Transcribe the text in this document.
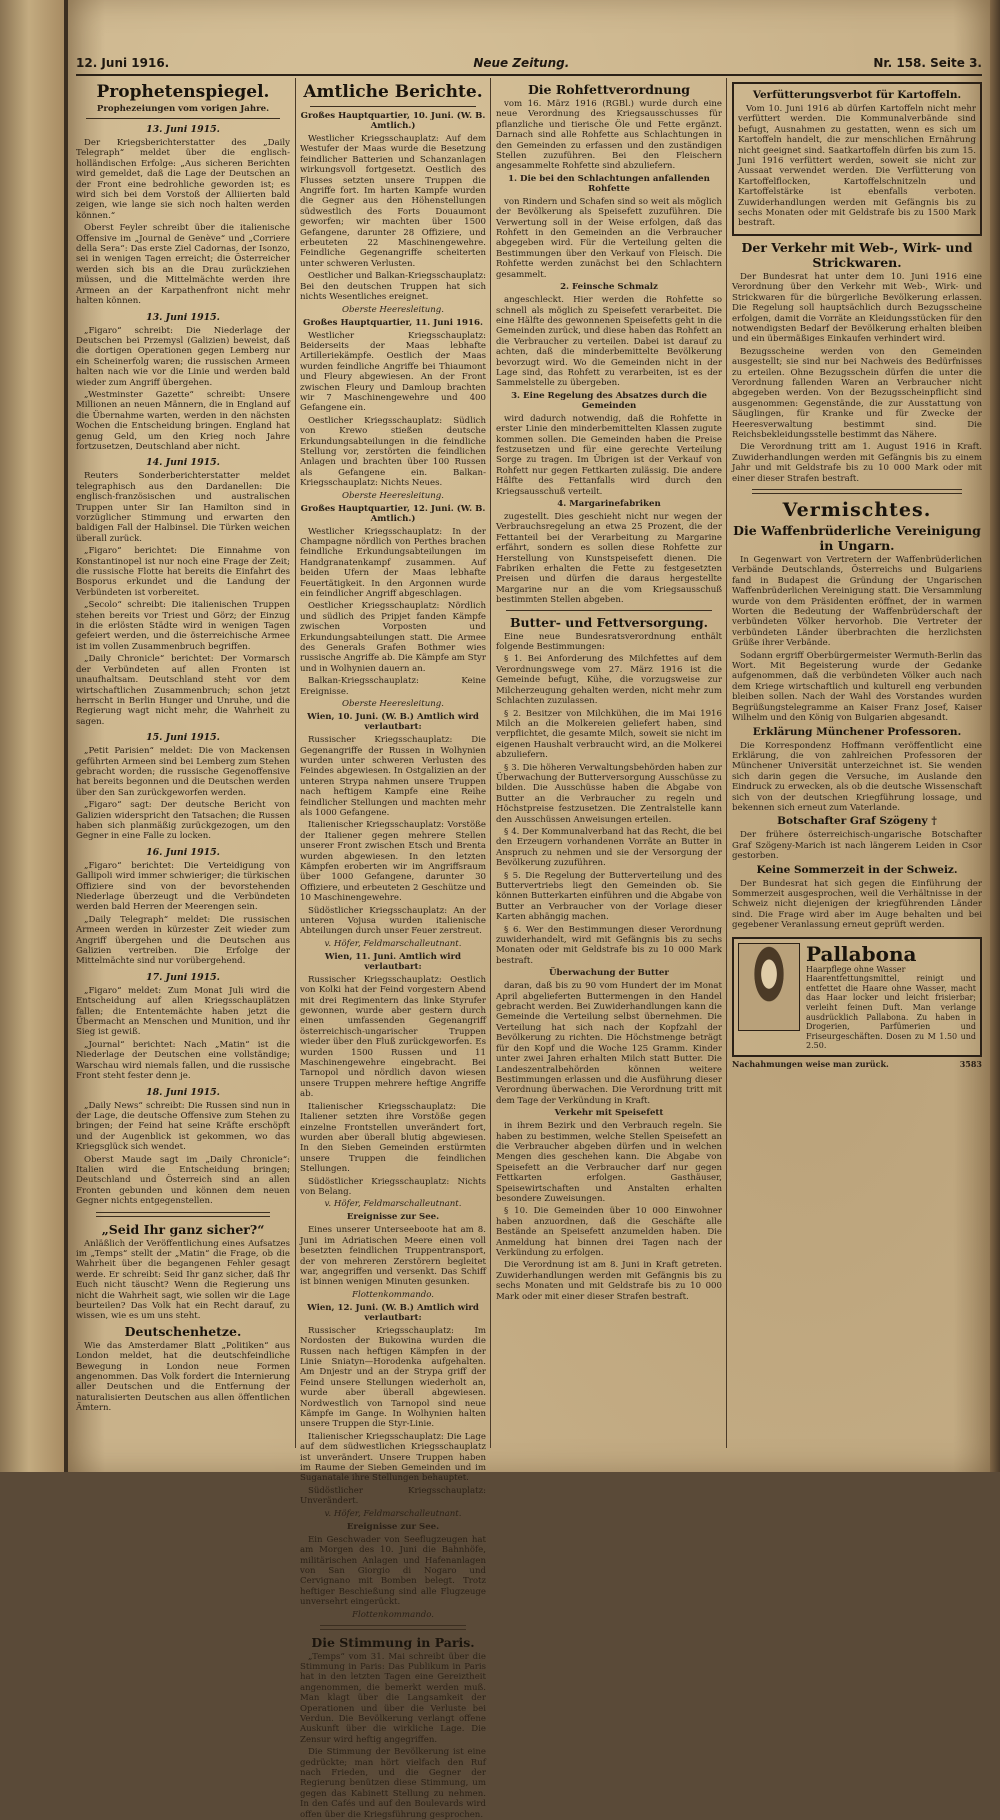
12. Juni 1916.	Neue Zeitung.	Nr. 158. Seite 3.
Prophetenspiegel.
Prophezeiungen vom vorigen Jahre.
13. Juni 1915.

Der Kriegsberichterstatter des „Daily Telegraph“ meldet über die englisch-holländischen Erfolge: „Aus sicheren Berichten wird gemeldet, daß die Lage der Deutschen an der Front eine bedrohliche geworden ist; es wird sich bei dem Vorstoß der Alliierten bald zeigen, wie lange sie sich noch halten werden können.“

Oberst Feyler schreibt über die italienische Offensive im „Journal de Genève“ und „Corriere della Sera“: Das erste Ziel Cadornas, der Isonzo, sei in wenigen Tagen erreicht; die Österreicher werden sich bis an die Drau zurückziehen müssen, und die Mittelmächte werden ihre Armeen an der Karpathenfront nicht mehr halten können.

13. Juni 1915.

„Figaro“ schreibt: Die Niederlage der Deutschen bei Przemysl (Galizien) beweist, daß die dortigen Operationen gegen Lemberg nur ein Scheinerfolg waren; die russischen Armeen halten nach wie vor die Linie und werden bald wieder zum Angriff übergehen.

„Westminster Gazette“ schreibt: Unsere Millionen an neuen Männern, die in England auf die Übernahme warten, werden in den nächsten Wochen die Entscheidung bringen. England hat genug Geld, um den Krieg noch Jahre fortzusetzen, Deutschland aber nicht.

14. Juni 1915.

Reuters Sonderberichterstatter meldet telegraphisch aus den Dardanellen: Die englisch-französischen und australischen Truppen unter Sir Ian Hamilton sind in vorzüglicher Stimmung und erwarten den baldigen Fall der Halbinsel. Die Türken weichen überall zurück.

„Figaro“ berichtet: Die Einnahme von Konstantinopel ist nur noch eine Frage der Zeit; die russische Flotte hat bereits die Einfahrt des Bosporus erkundet und die Landung der Verbündeten ist vorbereitet.

„Secolo“ schreibt: Die italienischen Truppen stehen bereits vor Triest und Görz; der Einzug in die erlösten Städte wird in wenigen Tagen gefeiert werden, und die österreichische Armee ist im vollen Zusammenbruch begriffen.

„Daily Chronicle“ berichtet: Der Vormarsch der Verbündeten auf allen Fronten ist unaufhaltsam. Deutschland steht vor dem wirtschaftlichen Zusammenbruch; schon jetzt herrscht in Berlin Hunger und Unruhe, und die Regierung wagt nicht mehr, die Wahrheit zu sagen.

15. Juni 1915.

„Petit Parisien“ meldet: Die von Mackensen geführten Armeen sind bei Lemberg zum Stehen gebracht worden; die russische Gegenoffensive hat bereits begonnen und die Deutschen werden über den San zurückgeworfen werden.

„Figaro“ sagt: Der deutsche Bericht von Galizien widerspricht den Tatsachen; die Russen haben sich planmäßig zurückgezogen, um den Gegner in eine Falle zu locken.

16. Juni 1915.

„Figaro“ berichtet: Die Verteidigung von Gallipoli wird immer schwieriger; die türkischen Offiziere sind von der bevorstehenden Niederlage überzeugt und die Verbündeten werden bald Herren der Meerengen sein.

„Daily Telegraph“ meldet: Die russischen Armeen werden in kürzester Zeit wieder zum Angriff übergehen und die Deutschen aus Galizien vertreiben. Die Erfolge der Mittelmächte sind nur vorübergehend.

17. Juni 1915.

„Figaro“ meldet: Zum Monat Juli wird die Entscheidung auf allen Kriegsschauplätzen fallen; die Ententemächte haben jetzt die Übermacht an Menschen und Munition, und ihr Sieg ist gewiß.

„Journal“ berichtet: Nach „Matin“ ist die Niederlage der Deutschen eine vollständige; Warschau wird niemals fallen, und die russische Front steht fester denn je.

18. Juni 1915.

„Daily News“ schreibt: Die Russen sind nun in der Lage, die deutsche Offensive zum Stehen zu bringen; der Feind hat seine Kräfte erschöpft und der Augenblick ist gekommen, wo das Kriegsglück sich wendet.

Oberst Maude sagt im „Daily Chronicle“: Italien wird die Entscheidung bringen; Deutschland und Österreich sind an allen Fronten gebunden und können dem neuen Gegner nichts entgegenstellen.

„Seid Ihr ganz sicher?“

Anläßlich der Veröffentlichung eines Aufsatzes im „Temps“ stellt der „Matin“ die Frage, ob die Wahrheit über die begangenen Fehler gesagt werde. Er schreibt: Seid Ihr ganz sicher, daß Ihr Euch nicht täuscht? Wenn die Regierung uns nicht die Wahrheit sagt, wie sollen wir die Lage beurteilen? Das Volk hat ein Recht darauf, zu wissen, wie es um uns steht.

Deutschenhetze.

Wie das Amsterdamer Blatt „Politiken“ aus London meldet, hat die deutschfeindliche Bewegung in London neue Formen angenommen. Das Volk fordert die Internierung aller Deutschen und die Entfernung der naturalisierten Deutschen aus allen öffentlichen Ämtern.

Amtliche Berichte.
Großes Hauptquartier, 10. Juni. (W. B. Amtlich.)

Westlicher Kriegsschauplatz: Auf dem Westufer der Maas wurde die Besetzung feindlicher Batterien und Schanzanlagen wirkungsvoll fortgesetzt. Oestlich des Flusses setzten unsere Truppen die Angriffe fort. Im harten Kampfe wurden die Gegner aus den Höhenstellungen südwestlich des Forts Douaumont geworfen; wir machten über 1500 Gefangene, darunter 28 Offiziere, und erbeuteten 22 Maschinengewehre. Feindliche Gegenangriffe scheiterten unter schweren Verlusten.

Oestlicher und Balkan-Kriegsschauplatz: Bei den deutschen Truppen hat sich nichts Wesentliches ereignet.

Oberste Heeresleitung.
Großes Hauptquartier, 11. Juni 1916.

Westlicher Kriegsschauplatz: Beiderseits der Maas lebhafte Artilleriekämpfe. Oestlich der Maas wurden feindliche Angriffe bei Thiaumont und Fleury abgewiesen. An der Front zwischen Fleury und Damloup brachten wir 7 Maschinengewehre und 400 Gefangene ein.

Oestlicher Kriegsschauplatz: Südlich von Krewo stießen deutsche Erkundungsabteilungen in die feindliche Stellung vor, zerstörten die feindlichen Anlagen und brachten über 100 Russen als Gefangene ein. Balkan-Kriegsschauplatz: Nichts Neues.

Oberste Heeresleitung.
Großes Hauptquartier, 12. Juni. (W. B. Amtlich.)

Westlicher Kriegsschauplatz: In der Champagne nördlich von Perthes brachen feindliche Erkundungsabteilungen im Handgranatenkampf zusammen. Auf beiden Ufern der Maas lebhafte Feuertätigkeit. In den Argonnen wurde ein feindlicher Angriff abgeschlagen.

Oestlicher Kriegsschauplatz: Nördlich und südlich des Pripjet fanden Kämpfe zwischen Vorposten und Erkundungsabteilungen statt. Die Armee des Generals Grafen Bothmer wies russische Angriffe ab. Die Kämpfe am Styr und in Wolhynien dauern an.

Balkan-Kriegsschauplatz: Keine Ereignisse.

Oberste Heeresleitung.
Wien, 10. Juni. (W. B.) Amtlich wird verlautbart:

Russischer Kriegsschauplatz: Die Gegenangriffe der Russen in Wolhynien wurden unter schweren Verlusten des Feindes abgewiesen. In Ostgalizien an der unteren Strypa nahmen unsere Truppen nach heftigem Kampfe eine Reihe feindlicher Stellungen und machten mehr als 1000 Gefangene.

Italienischer Kriegsschauplatz: Vorstöße der Italiener gegen mehrere Stellen unserer Front zwischen Etsch und Brenta wurden abgewiesen. In den letzten Kämpfen eroberten wir im Angriffsraum über 1000 Gefangene, darunter 30 Offiziere, und erbeuteten 2 Geschütze und 10 Maschinengewehre.

Südöstlicher Kriegsschauplatz: An der unteren Vojusa wurden italienische Abteilungen durch unser Feuer zerstreut.

v. Höfer, Feldmarschalleutnant.
Wien, 11. Juni. Amtlich wird verlautbart:

Russischer Kriegsschauplatz: Oestlich von Kolki hat der Feind vorgestern Abend mit drei Regimentern das linke Styrufer gewonnen, wurde aber gestern durch einen umfassenden Gegenangriff österreichisch-ungarischer Truppen wieder über den Fluß zurückgeworfen. Es wurden 1500 Russen und 11 Maschinengewehre eingebracht. Bei Tarnopol und nördlich davon wiesen unsere Truppen mehrere heftige Angriffe ab.

Italienischer Kriegsschauplatz: Die Italiener setzten ihre Vorstöße gegen einzelne Frontstellen unverändert fort, wurden aber überall blutig abgewiesen. In den Sieben Gemeinden erstürmten unsere Truppen die feindlichen Stellungen.

Südöstlicher Kriegsschauplatz: Nichts von Belang.

v. Höfer, Feldmarschalleutnant.
Ereignisse zur See.

Eines unserer Unterseeboote hat am 8. Juni im Adriatischen Meere einen voll besetzten feindlichen Truppentransport, der von mehreren Zerstörern begleitet war, angegriffen und versenkt. Das Schiff ist binnen wenigen Minuten gesunken.

Flottenkommando.
Wien, 12. Juni. (W. B.) Amtlich wird verlautbart:

Russischer Kriegsschauplatz: Im Nordosten der Bukowina wurden die Russen nach heftigen Kämpfen in der Linie Sniatyn—Horodenka aufgehalten. Am Dnjestr und an der Strypa griff der Feind unsere Stellungen wiederholt an, wurde aber überall abgewiesen. Nordwestlich von Tarnopol sind neue Kämpfe im Gange. In Wolhynien halten unsere Truppen die Styr-Linie.

Italienischer Kriegsschauplatz: Die Lage auf dem südwestlichen Kriegsschauplatz ist unverändert. Unsere Truppen haben im Raume der Sieben Gemeinden und im Suganatale ihre Stellungen behauptet.

Südöstlicher Kriegsschauplatz: Unverändert.

v. Höfer, Feldmarschalleutnant.
Ereignisse zur See.

Ein Geschwader von Seeflugzeugen hat am Morgen des 10. Juni die Bahnhöfe, militärischen Anlagen und Hafenanlagen von San Giorgio di Nogaro und Cervignano mit Bomben belegt. Trotz heftiger Beschießung sind alle Flugzeuge unversehrt eingerückt.

Flottenkommando.
Die Stimmung in Paris.

„Temps“ vom 31. Mai schreibt über die Stimmung in Paris: Das Publikum in Paris hat in den letzten Tagen eine Gereiztheit angenommen, die bemerkt werden muß. Man klagt über die Langsamkeit der Operationen und über die Verluste bei Verdun. Die Bevölkerung verlangt offene Auskunft über die wirkliche Lage. Die Zensur wird heftig angegriffen.

Die Stimmung der Bevölkerung ist eine gedrückte; man hört vielfach den Ruf nach Frieden, und die Gegner der Regierung benützen diese Stimmung, um gegen das Kabinett Stellung zu nehmen. In den Cafés und auf den Boulevards wird offen über die Kriegsführung gesprochen.

Die Rohfettverordnung

vom 16. März 1916 (RGBl.) wurde durch eine neue Verordnung des Kriegsausschusses für pflanzliche und tierische Öle und Fette ergänzt. Darnach sind alle Rohfette aus Schlachtungen in den Gemeinden zu erfassen und den zuständigen Stellen zuzuführen. Bei den Fleischern angesammelte Rohfette sind abzuliefern.

1. Die bei den Schlachtungen anfallenden Rohfette

von Rindern und Schafen sind so weit als möglich der Bevölkerung als Speisefett zuzuführen. Die Verwertung soll in der Weise erfolgen, daß das Rohfett in den Gemeinden an die Verbraucher abgegeben wird. Für die Verteilung gelten die Bestimmungen über den Verkauf von Fleisch. Die Rohfette werden zunächst bei den Schlachtern gesammelt.

2. Feinsche Schmalz

angeschleckt. Hier werden die Rohfette so schnell als möglich zu Speisefett verarbeitet. Die eine Hälfte des gewonnenen Speisefetts geht in die Gemeinden zurück, und diese haben das Rohfett an die Verbraucher zu verteilen. Dabei ist darauf zu achten, daß die minderbemittelte Bevölkerung bevorzugt wird. Wo die Gemeinden nicht in der Lage sind, das Rohfett zu verarbeiten, ist es der Sammelstelle zu übergeben.

3. Eine Regelung des Absatzes durch die Gemeinden

wird dadurch notwendig, daß die Rohfette in erster Linie den minderbemittelten Klassen zugute kommen sollen. Die Gemeinden haben die Preise festzusetzen und für eine gerechte Verteilung Sorge zu tragen. Im Übrigen ist der Verkauf von Rohfett nur gegen Fettkarten zulässig. Die andere Hälfte des Fettanfalls wird durch den Kriegsausschuß verteilt.

4. Margarinefabriken

zugestellt. Dies geschieht nicht nur wegen der Verbrauchsregelung an etwa 25 Prozent, die der Fettanteil bei der Verarbeitung zu Margarine erfährt, sondern es sollen diese Rohfette zur Herstellung von Kunstspeisefett dienen. Die Fabriken erhalten die Fette zu festgesetzten Preisen und dürfen die daraus hergestellte Margarine nur an die vom Kriegsausschuß bestimmten Stellen abgeben.

Butter- und Fettversorgung.

Eine neue Bundesratsverordnung enthält folgende Bestimmungen:

§ 1. Bei Anforderung des Milchfettes auf dem Verordnungswege vom 27. März 1916 ist die Gemeinde befugt, Kühe, die vorzugsweise zur Milcherzeugung gehalten werden, nicht mehr zum Schlachten zuzulassen.

§ 2. Besitzer von Milchkühen, die im Mai 1916 Milch an die Molkereien geliefert haben, sind verpflichtet, die gesamte Milch, soweit sie nicht im eigenen Haushalt verbraucht wird, an die Molkerei abzuliefern.

§ 3. Die höheren Verwaltungsbehörden haben zur Überwachung der Butterversorgung Ausschüsse zu bilden. Die Ausschüsse haben die Abgabe von Butter an die Verbraucher zu regeln und Höchstpreise festzusetzen. Die Zentralstelle kann den Ausschüssen Anweisungen erteilen.

§ 4. Der Kommunalverband hat das Recht, die bei den Erzeugern vorhandenen Vorräte an Butter in Anspruch zu nehmen und sie der Versorgung der Bevölkerung zuzuführen.

§ 5. Die Regelung der Butterverteilung und des Buttervertriebs liegt den Gemeinden ob. Sie können Butterkarten einführen und die Abgabe von Butter an Verbraucher von der Vorlage dieser Karten abhängig machen.

§ 6. Wer den Bestimmungen dieser Verordnung zuwiderhandelt, wird mit Gefängnis bis zu sechs Monaten oder mit Geldstrafe bis zu 10 000 Mark bestraft.

Überwachung der Butter

daran, daß bis zu 90 vom Hundert der im Monat April abgelieferten Buttermengen in den Handel gebracht werden. Bei Zuwiderhandlungen kann die Gemeinde die Verteilung selbst übernehmen. Die Verteilung hat sich nach der Kopfzahl der Bevölkerung zu richten. Die Höchstmenge beträgt für den Kopf und die Woche 125 Gramm. Kinder unter zwei Jahren erhalten Milch statt Butter. Die Landeszentralbehörden können weitere Bestimmungen erlassen und die Ausführung dieser Verordnung überwachen. Die Verordnung tritt mit dem Tage der Verkündung in Kraft.

Verkehr mit Speisefett

in ihrem Bezirk und den Verbrauch regeln. Sie haben zu bestimmen, welche Stellen Speisefett an die Verbraucher abgeben dürfen und in welchen Mengen dies geschehen kann. Die Abgabe von Speisefett an die Verbraucher darf nur gegen Fettkarten erfolgen. Gasthäuser, Speisewirtschaften und Anstalten erhalten besondere Zuweisungen.

§ 10. Die Gemeinden über 10 000 Einwohner haben anzuordnen, daß die Geschäfte alle Bestände an Speisefett anzumelden haben. Die Anmeldung hat binnen drei Tagen nach der Verkündung zu erfolgen.

Die Verordnung ist am 8. Juni in Kraft getreten. Zuwiderhandlungen werden mit Gefängnis bis zu sechs Monaten und mit Geldstrafe bis zu 10 000 Mark oder mit einer dieser Strafen bestraft.

Verfütterungsverbot für Kartoffeln.

Vom 10. Juni 1916 ab dürfen Kartoffeln nicht mehr verfüttert werden. Die Kommunalverbände sind befugt, Ausnahmen zu gestatten, wenn es sich um Kartoffeln handelt, die zur menschlichen Ernährung nicht geeignet sind. Saatkartoffeln dürfen bis zum 15. Juni 1916 verfüttert werden, soweit sie nicht zur Aussaat verwendet werden. Die Verfütterung von Kartoffelflocken, Kartoffelschnitzeln und Kartoffelstärke ist ebenfalls verboten. Zuwiderhandlungen werden mit Gefängnis bis zu sechs Monaten oder mit Geldstrafe bis zu 1500 Mark bestraft.

Der Verkehr mit Web-, Wirk- und Strickwaren.

Der Bundesrat hat unter dem 10. Juni 1916 eine Verordnung über den Verkehr mit Web-, Wirk- und Strickwaren für die bürgerliche Bevölkerung erlassen. Die Regelung soll hauptsächlich durch Bezugsscheine erfolgen, damit die Vorräte an Kleidungsstücken für den notwendigsten Bedarf der Bevölkerung erhalten bleiben und ein übermäßiges Einkaufen verhindert wird.

Bezugsscheine werden von den Gemeinden ausgestellt; sie sind nur bei Nachweis des Bedürfnisses zu erteilen. Ohne Bezugsschein dürfen die unter die Verordnung fallenden Waren an Verbraucher nicht abgegeben werden. Von der Bezugsscheinpflicht sind ausgenommen: Gegenstände, die zur Ausstattung von Säuglingen, für Kranke und für Zwecke der Heeresverwaltung bestimmt sind. Die Reichsbekleidungsstelle bestimmt das Nähere.

Die Verordnung tritt am 1. August 1916 in Kraft. Zuwiderhandlungen werden mit Gefängnis bis zu einem Jahr und mit Geldstrafe bis zu 10 000 Mark oder mit einer dieser Strafen bestraft.

Vermischtes.
Die Waffenbrüderliche Vereinigung in Ungarn.

In Gegenwart von Vertretern der Waffenbrüderlichen Verbände Deutschlands, Österreichs und Bulgariens fand in Budapest die Gründung der Ungarischen Waffenbrüderlichen Vereinigung statt. Die Versammlung wurde von dem Präsidenten eröffnet, der in warmen Worten die Bedeutung der Waffenbrüderschaft der verbündeten Völker hervorhob. Die Vertreter der verbündeten Länder überbrachten die herzlichsten Grüße ihrer Verbände.

Sodann ergriff Oberbürgermeister Wermuth-Berlin das Wort. Mit Begeisterung wurde der Gedanke aufgenommen, daß die verbündeten Völker auch nach dem Kriege wirtschaftlich und kulturell eng verbunden bleiben sollen. Nach der Wahl des Vorstandes wurden Begrüßungstelegramme an Kaiser Franz Josef, Kaiser Wilhelm und den König von Bulgarien abgesandt.

Erklärung Münchener Professoren.

Die Korrespondenz Hoffmann veröffentlicht eine Erklärung, die von zahlreichen Professoren der Münchener Universität unterzeichnet ist. Sie wenden sich darin gegen die Versuche, im Auslande den Eindruck zu erwecken, als ob die deutsche Wissenschaft sich von der deutschen Kriegführung lossage, und bekennen sich erneut zum Vaterlande.

Botschafter Graf Szögeny †

Der frühere österreichisch-ungarische Botschafter Graf Szögeny-Marich ist nach längerem Leiden in Csor gestorben.

Keine Sommerzeit in der Schweiz.

Der Bundesrat hat sich gegen die Einführung der Sommerzeit ausgesprochen, weil die Verhältnisse in der Schweiz nicht diejenigen der kriegführenden Länder sind. Die Frage wird aber im Auge behalten und bei gegebener Veranlassung erneut geprüft werden.

Pallabona
Haarpflege ohne Wasser
Haarentfettungsmittel, reinigt und entfettet die Haare ohne Wasser, macht das Haar locker und leicht frisierbar; verleiht feinen Duft. Man verlange ausdrücklich Pallabona. Zu haben in Drogerien, Parfümerien und Friseurgeschäften. Dosen zu M 1.50 und 2.50.
Nachahmungen weise man zurück.	3583
